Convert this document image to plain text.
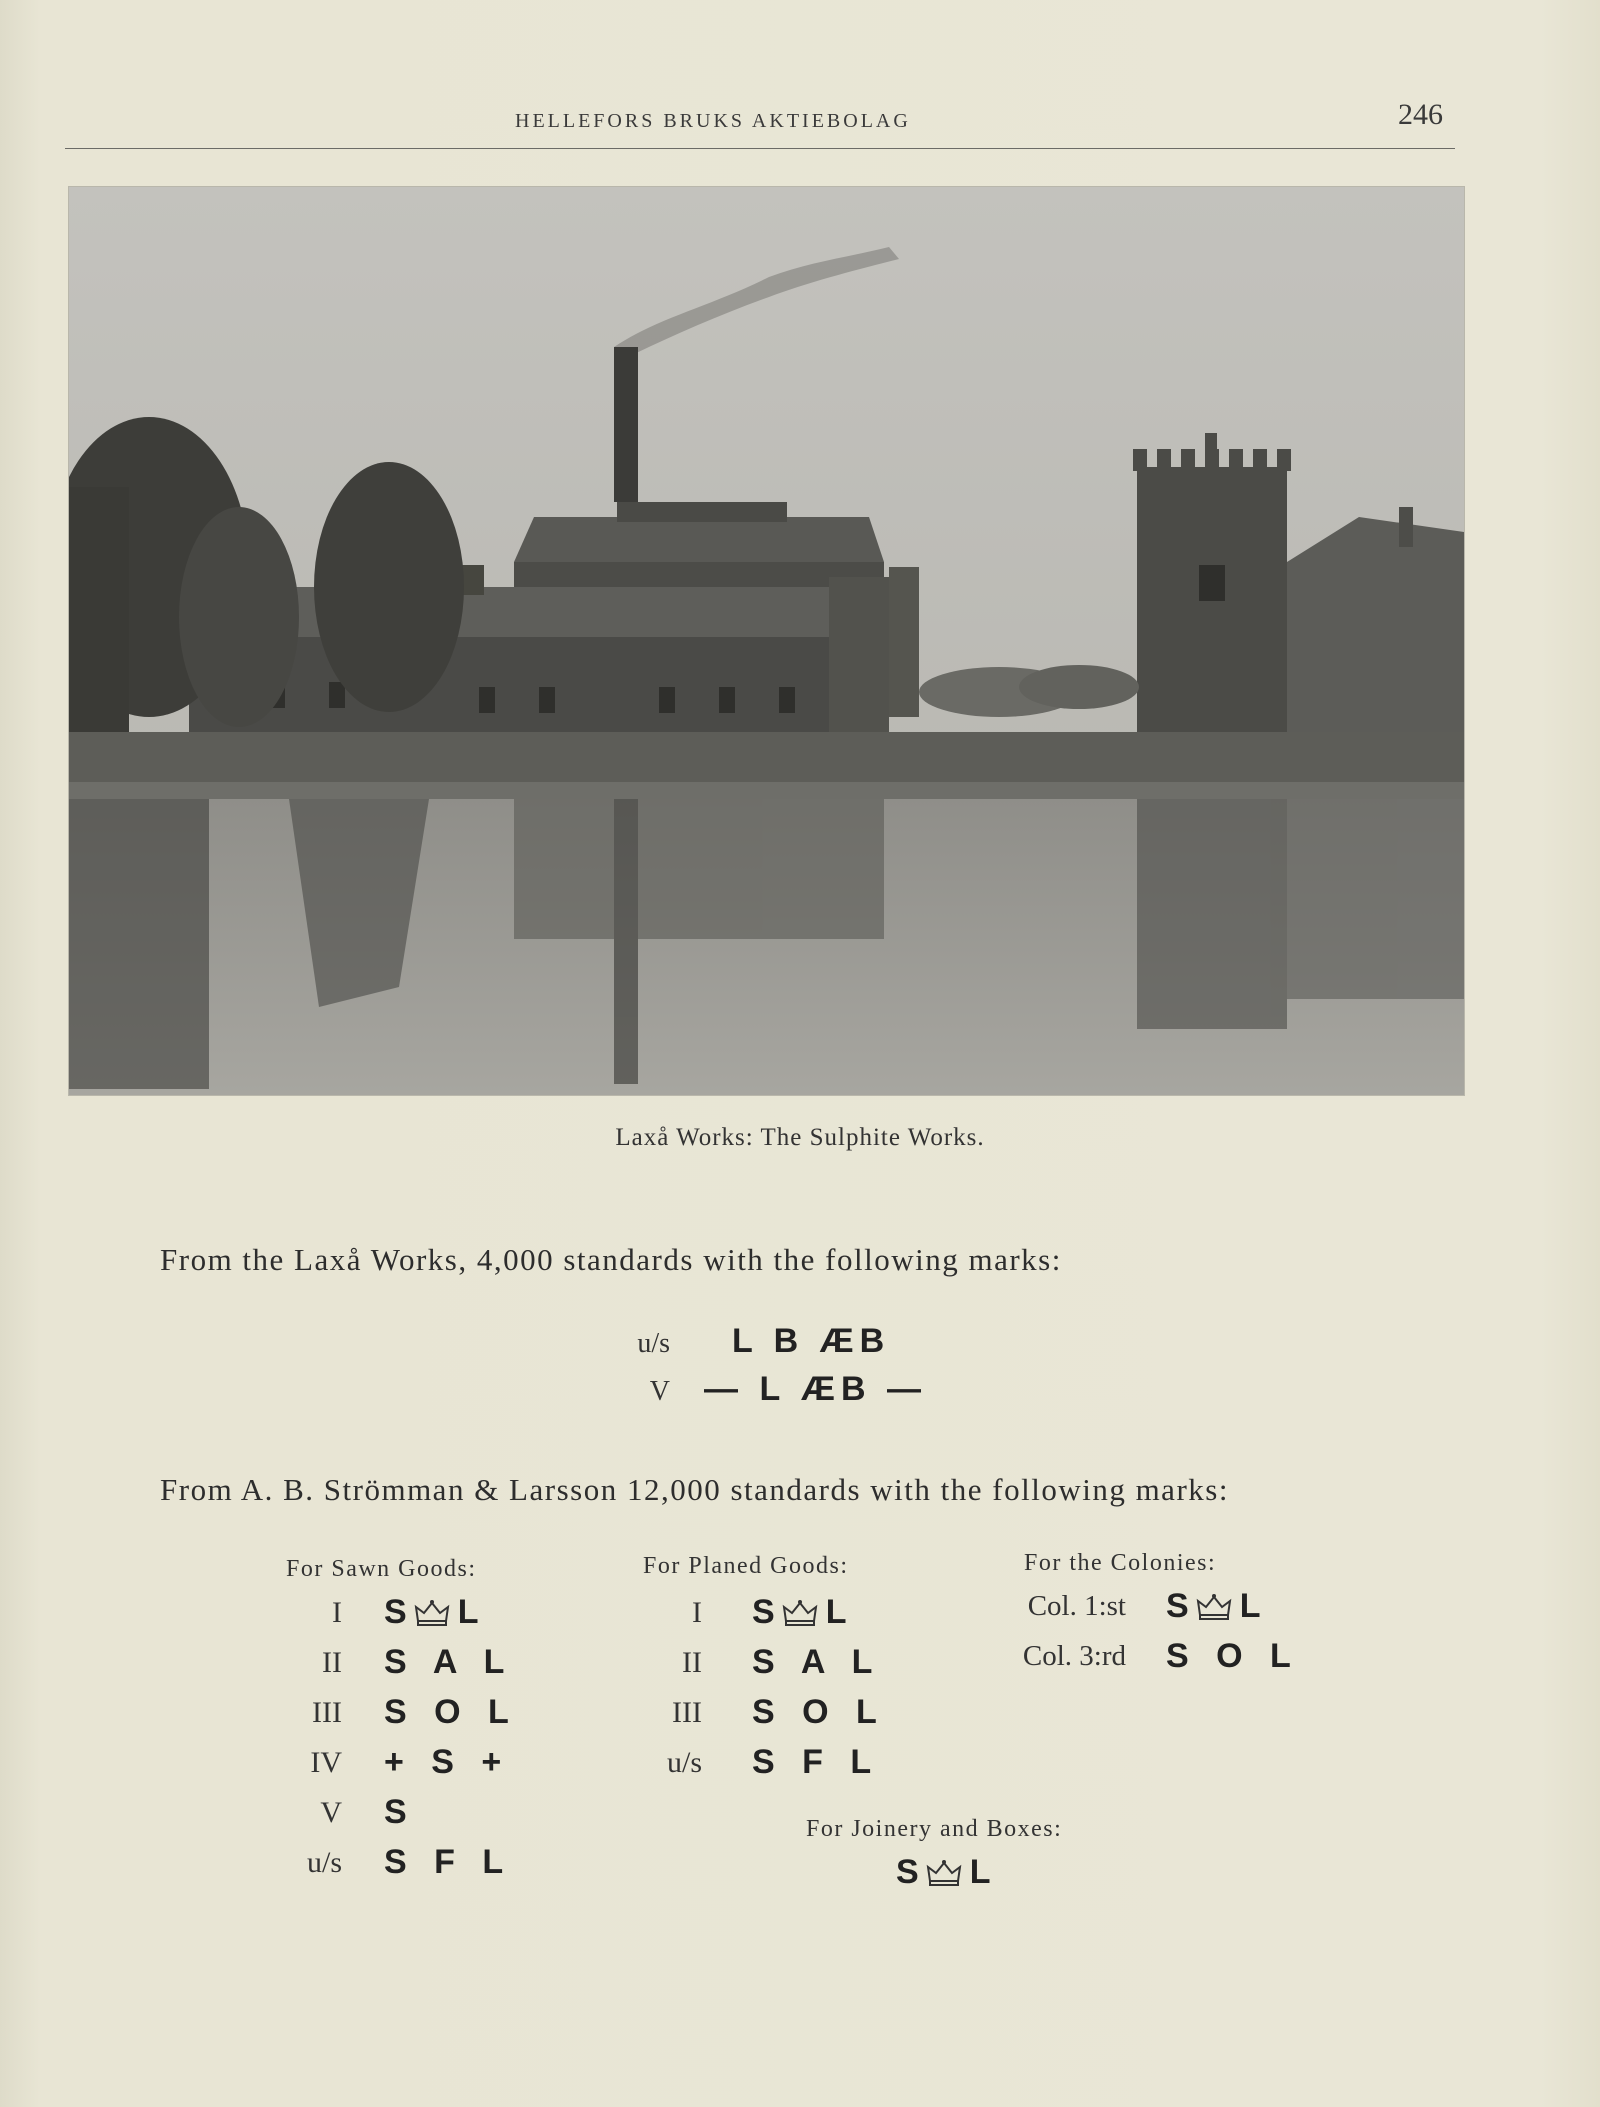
HELLEFORS BRUKS AKTIEBOLAG	246
Laxå Works: The Sulphite Works.
From the Laxå Works, 4,000 standards with the following marks:
u/s L B ÆB
V — L ÆB —
From A. B. Strömman & Larsson 12,000 standards with the following marks:
For Sawn Goods:	For Planed Goods:	For the Colonies:
I S L
II S A L
III S O L
IV + S +
V S
u/s S F L
I S L
II S A L
III S O L
u/s S F L
Col. 1:st S L
Col. 3:rd S O L
For Joinery and Boxes:
S L
